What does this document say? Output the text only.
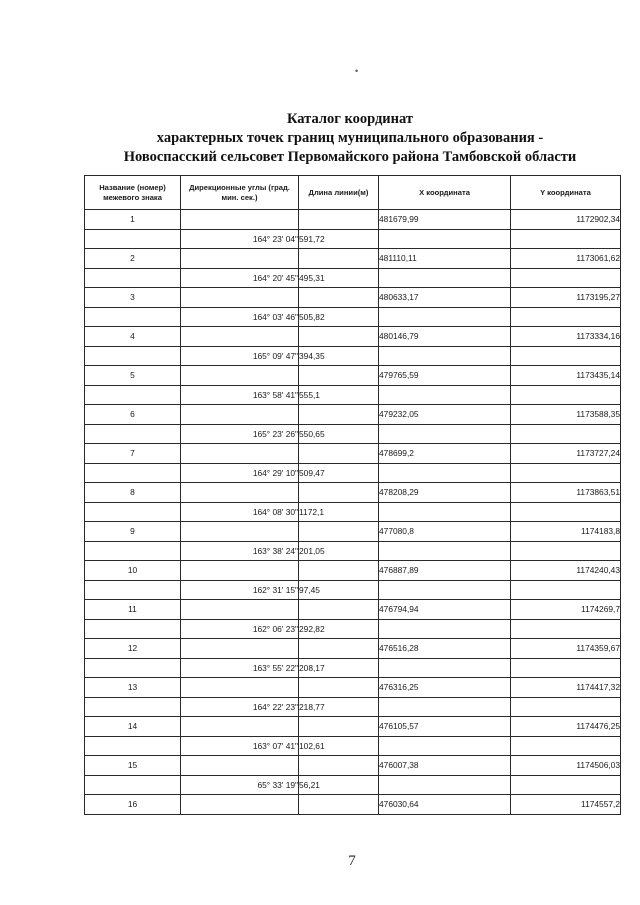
•
Каталог координат
характерных точек границ муниципального образования -
Новоспасский сельсовет Первомайского района Тамбовской области
Название (номер) межевого знака	Дирекционные углы (град. мин. сек.)	Длина линии(м)	X координата	Y координата
1			481679,99	1172902,34
	164° 23' 04"	591,72		
2			481110,11	1173061,62
	164° 20' 45"	495,31		
3			480633,17	1173195,27
	164° 03' 46"	505,82		
4			480146,79	1173334,16
	165° 09' 47"	394,35		
5			479765,59	1173435,14
	163° 58' 41"	555,1		
6			479232,05	1173588,35
	165° 23' 26"	550,65		
7			478699,2	1173727,24
	164° 29' 10"	509,47		
8			478208,29	1173863,51
	164° 08' 30"	1172,1		
9			477080,8	1174183,8
	163° 38' 24"	201,05		
10			476887,89	1174240,43
	162° 31' 15"	97,45		
11			476794,94	1174269,7
	162° 06' 23"	292,82		
12			476516,28	1174359,67
	163° 55' 22"	208,17		
13			476316,25	1174417,32
	164° 22' 23"	218,77		
14			476105,57	1174476,25
	163° 07' 41"	102,61		
15			476007,38	1174506,03
	65° 33' 19"	56,21		
16			476030,64	1174557,2
7
